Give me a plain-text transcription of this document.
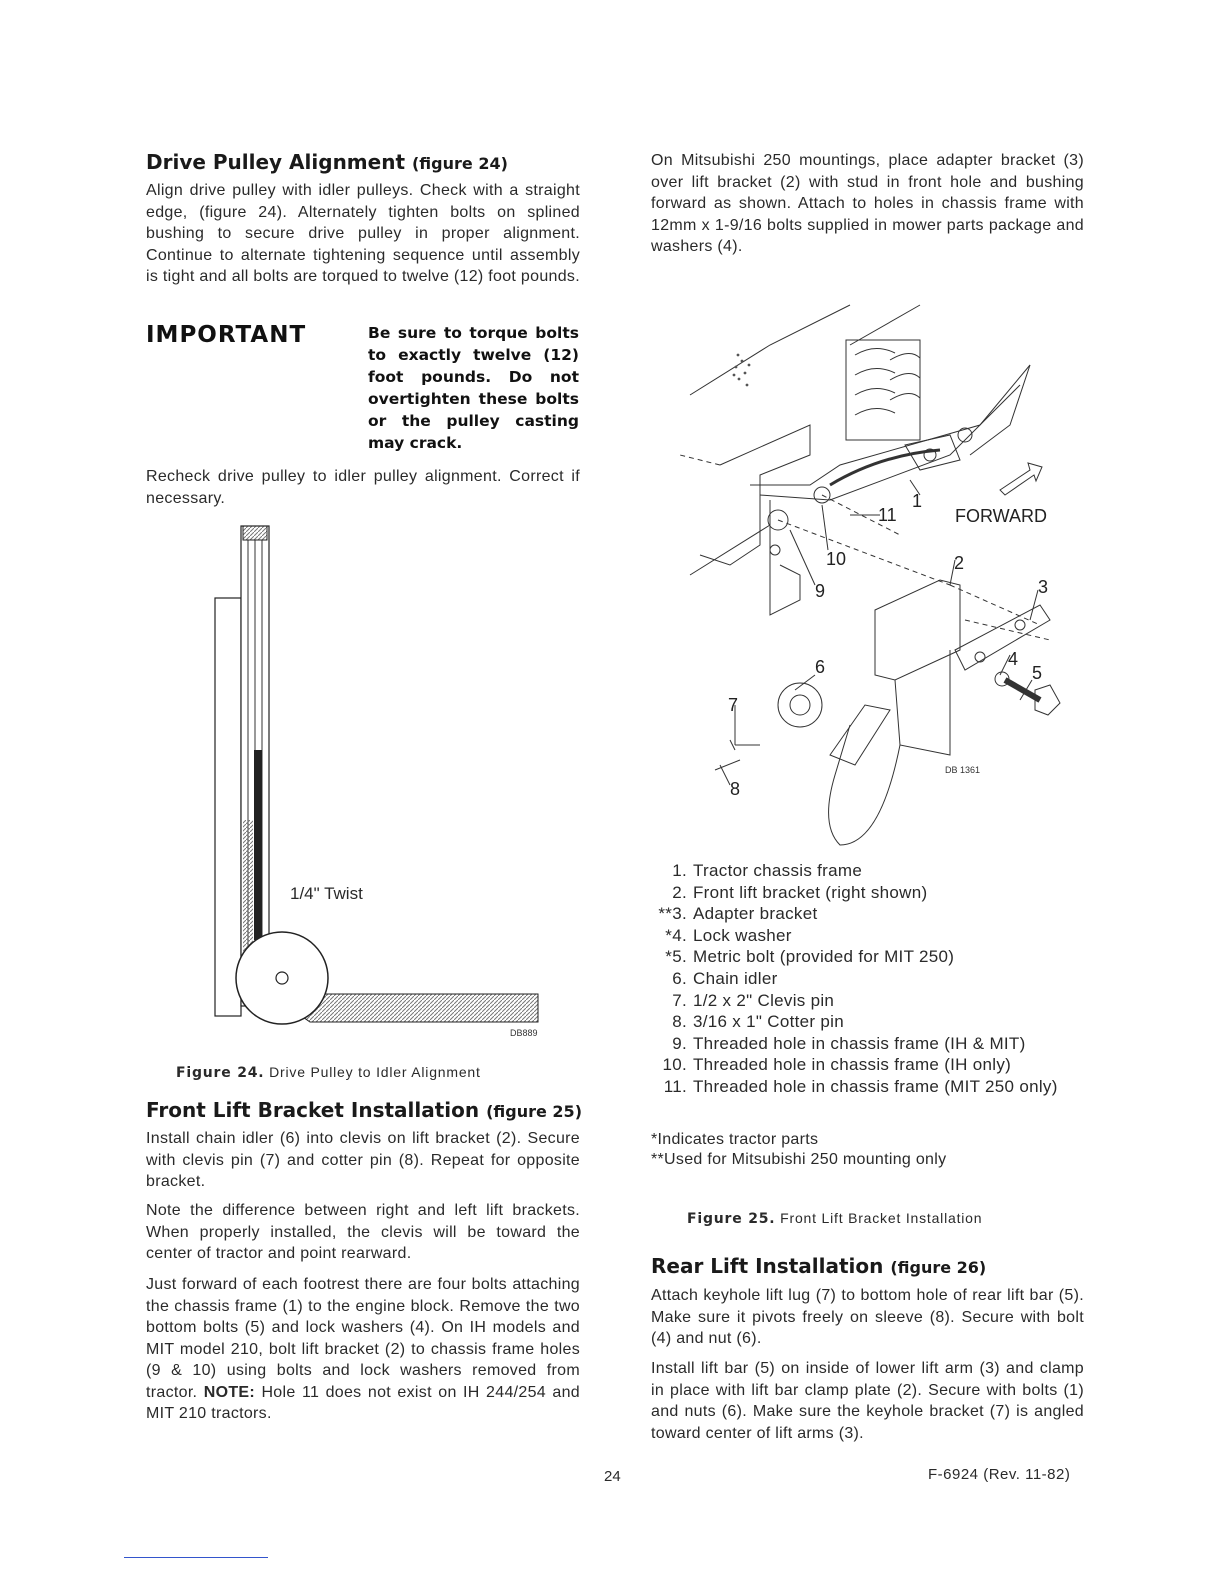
Drive Pulley Alignment (figure 24)

Align drive pulley with idler pulleys. Check with a straight edge, (figure 24). Alternately tighten bolts on splined bushing to secure drive pulley in proper alignment. Continue to alternate tightening sequence until assembly is tight and all bolts are torqued to twelve (12) foot pounds.

IMPORTANT	Be sure to torque bolts to exactly twelve (12) foot pounds. Do not overtighten these bolts or the pulley casting may crack.

Recheck drive pulley to idler pulley alignment. Correct if necessary.

1/4" Twist
DB889
Figure 24. Drive Pulley to Idler Alignment
Front Lift Bracket Installation (figure 25)

Install chain idler (6) into clevis on lift bracket (2). Secure with clevis pin (7) and cotter pin (8). Repeat for opposite bracket.

Note the difference between right and left lift brackets. When properly installed, the clevis will be toward the center of tractor and point rearward.

Just forward of each footrest there are four bolts attaching the chassis frame (1) to the engine block. Remove the two bottom bolts (5) and lock washers (4). On IH models and MIT model 210, bolt lift bracket (2) to chassis frame holes (9 & 10) using bolts and lock washers removed from tractor. NOTE: Hole 11 does not exist on IH 244/254 and MIT 210 tractors.

On Mitsubishi 250 mountings, place adapter bracket (3) over lift bracket (2) with stud in front hole and bushing forward as shown. Attach to holes in chassis frame with 12mm x 1-9/16 bolts supplied in mower parts package and washers (4).

1
2
3
4
5
6
7
8
9
10
11	FORWARD
DB 1361
1. Tractor chassis frame
2. Front lift bracket (right shown)
**3. Adapter bracket
*4. Lock washer
*5. Metric bolt (provided for MIT 250)
6. Chain idler
7. 1/2 x 2" Clevis pin
8. 3/16 x 1" Cotter pin
9. Threaded hole in chassis frame (IH & MIT)
10. Threaded hole in chassis frame (IH only)
11. Threaded hole in chassis frame (MIT 250 only)
*Indicates tractor parts
**Used for Mitsubishi 250 mounting only
Figure 25. Front Lift Bracket Installation
Rear Lift Installation (figure 26)

Attach keyhole lift lug (7) to bottom hole of rear lift bar (5). Make sure it pivots freely on sleeve (8). Secure with bolt (4) and nut (6).

Install lift bar (5) on inside of lower lift arm (3) and clamp in place with lift bar clamp plate (2). Secure with bolts (1) and nuts (6). Make sure the keyhole bracket (7) is angled toward center of lift arms (3).

24	F-6924 (Rev. 11-82)
